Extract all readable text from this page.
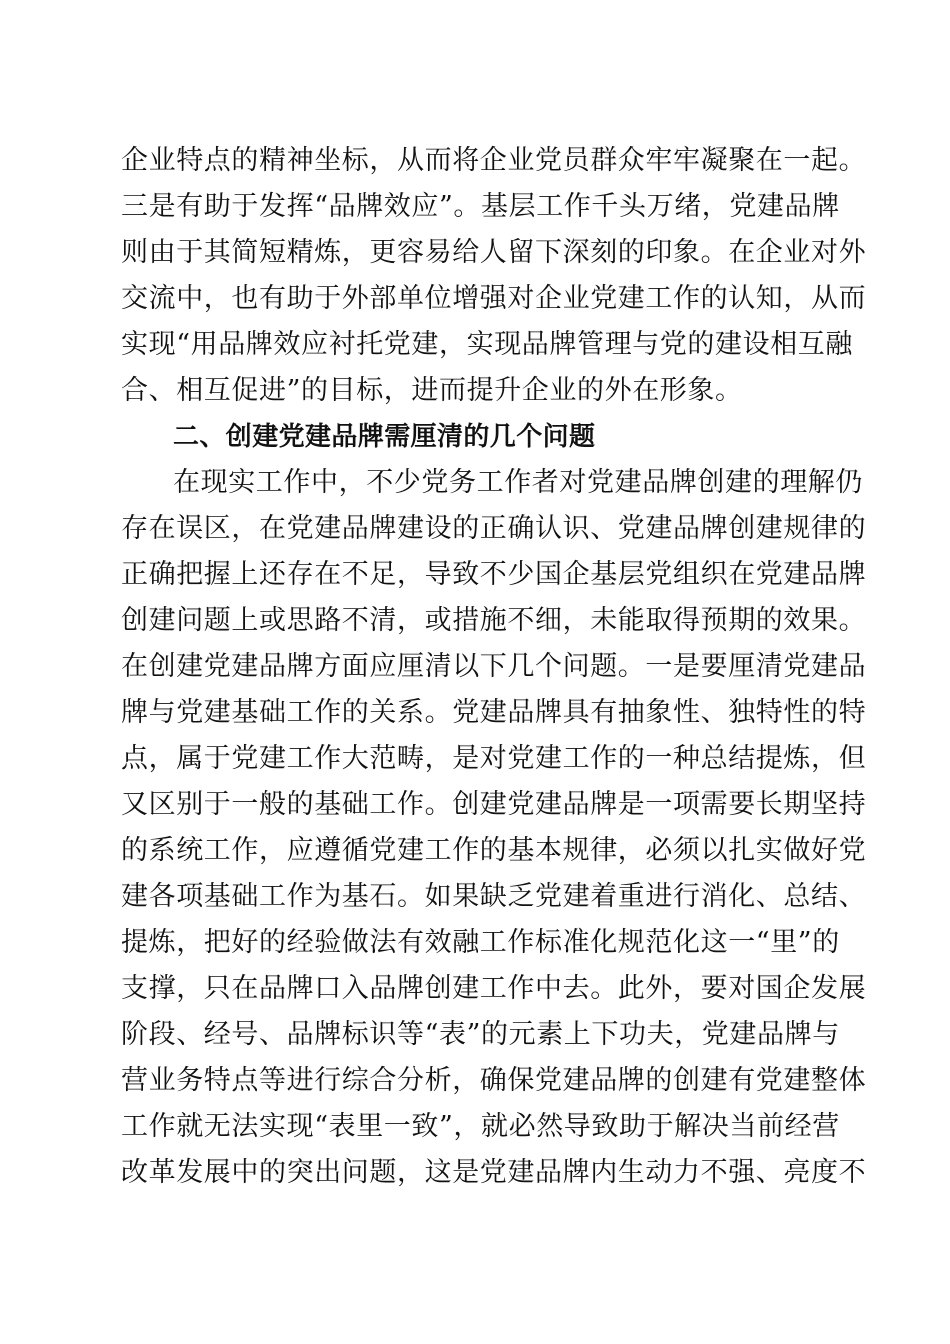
企业特点的精神坐标，从而将企业党员群众牢牢凝聚在一起。
三是有助于发挥“品牌效应”。基层工作千头万绪，党建品牌
则由于其简短精炼，更容易给人留下深刻的印象。在企业对外
交流中，也有助于外部单位增强对企业党建工作的认知，从而
实现“用品牌效应衬托党建，实现品牌管理与党的建设相互融
合、相互促进”的目标，进而提升企业的外在形象。
二、创建党建品牌需厘清的几个问题
在现实工作中，不少党务工作者对党建品牌创建的理解仍
存在误区，在党建品牌建设的正确认识、党建品牌创建规律的
正确把握上还存在不足，导致不少国企基层党组织在党建品牌
创建问题上或思路不清，或措施不细，未能取得预期的效果。
在创建党建品牌方面应厘清以下几个问题。一是要厘清党建品
牌与党建基础工作的关系。党建品牌具有抽象性、独特性的特
点，属于党建工作大范畴，是对党建工作的一种总结提炼，但
又区别于一般的基础工作。创建党建品牌是一项需要长期坚持
的系统工作，应遵循党建工作的基本规律，必须以扎实做好党
建各项基础工作为基石。如果缺乏党建着重进行消化、总结、
提炼，把好的经验做法有效融工作标准化规范化这一“里”的
支撑，只在品牌口入品牌创建工作中去。此外，要对国企发展
阶段、经号、品牌标识等“表”的元素上下功夫，党建品牌与
营业务特点等进行综合分析，确保党建品牌的创建有党建整体
工作就无法实现“表里一致”，就必然导致助于解决当前经营
改革发展中的突出问题，这是党建品牌内生动力不强、亮度不
